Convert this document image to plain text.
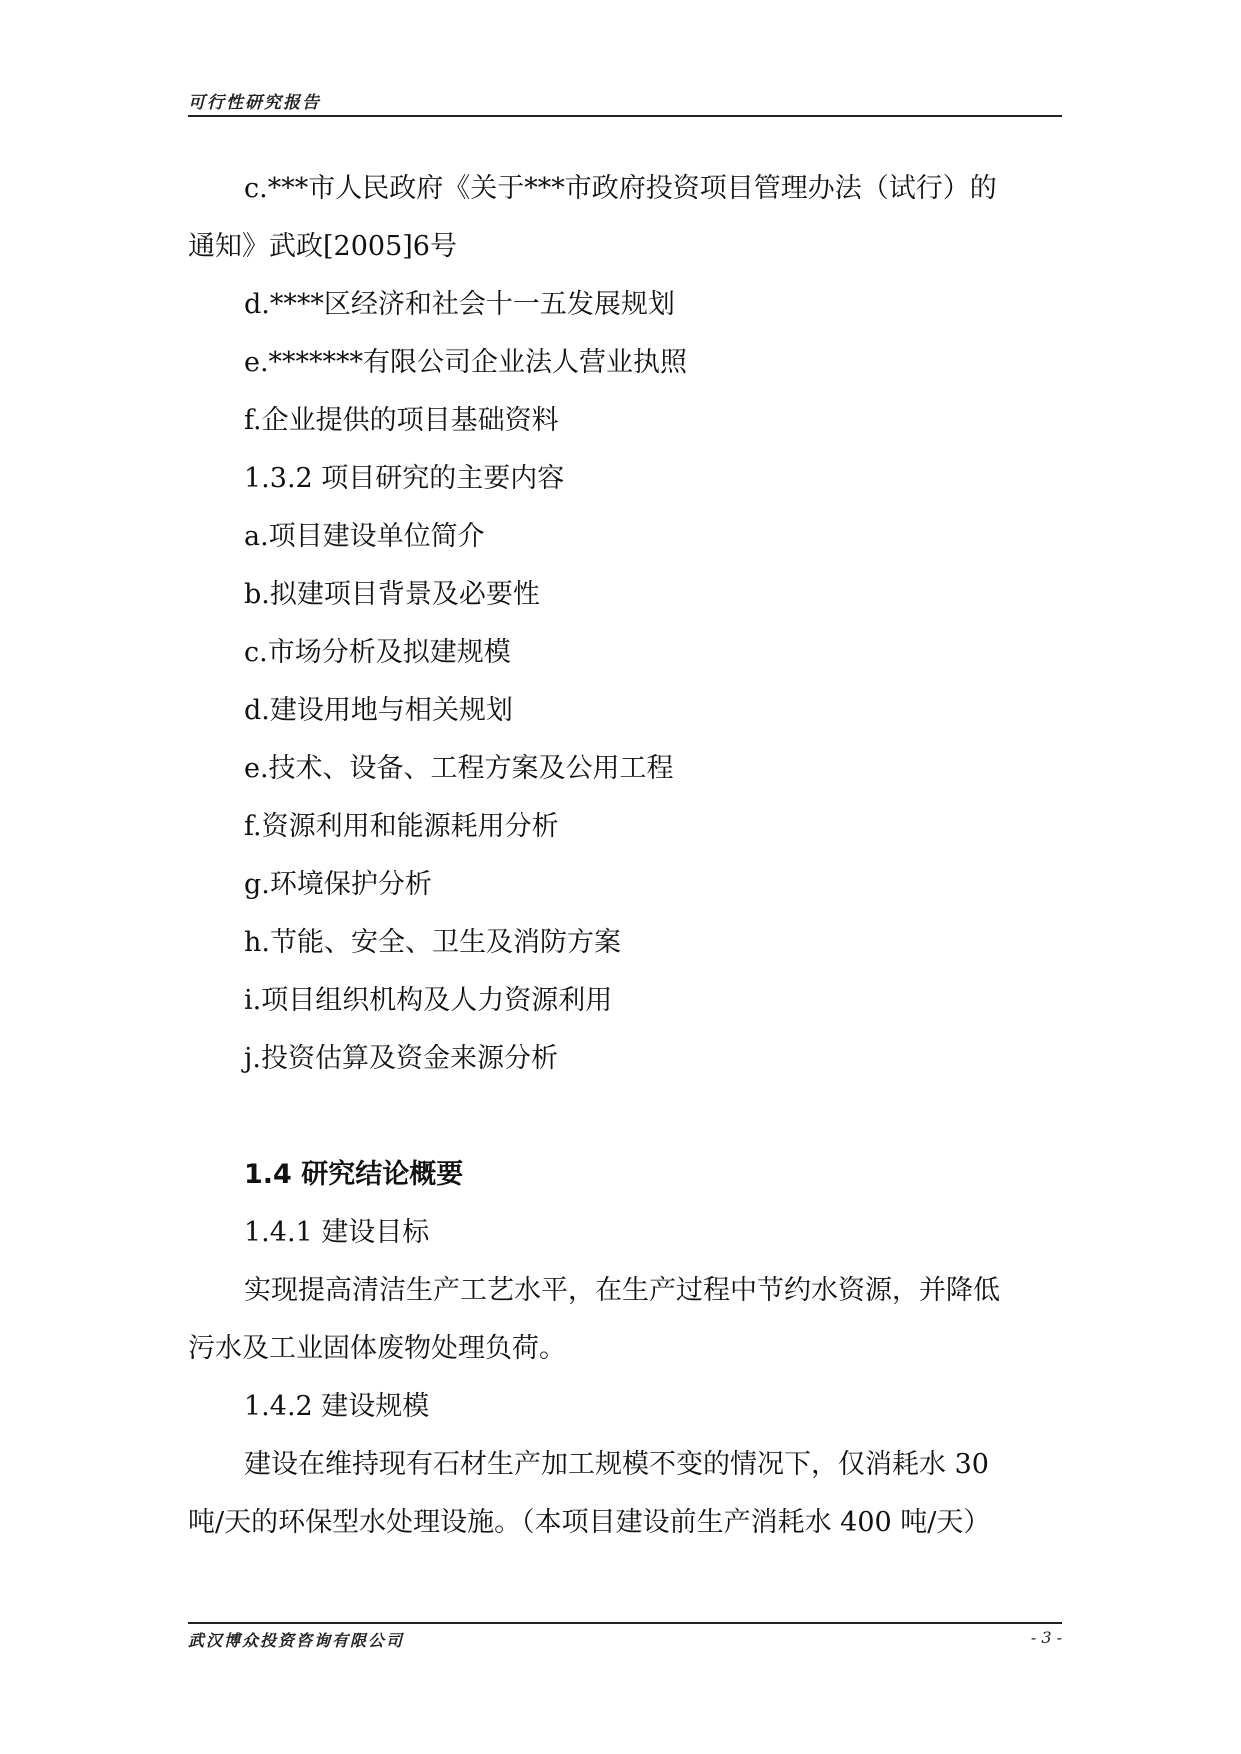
可行性研究报告
c.***市人民政府《关于***市政府投资项目管理办法（试行）的
通知》武政[2005]6号
d.****区经济和社会十一五发展规划
e.*******有限公司企业法人营业执照
f.企业提供的项目基础资料
1.3.2 项目研究的主要内容
a.项目建设单位简介
b.拟建项目背景及必要性
c.市场分析及拟建规模
d.建设用地与相关规划
e.技术、设备、工程方案及公用工程
f.资源利用和能源耗用分析
g.环境保护分析
h.节能、安全、卫生及消防方案
i.项目组织机构及人力资源利用
j.投资估算及资金来源分析
1.4 研究结论概要
1.4.1 建设目标
实现提高清洁生产工艺水平，在生产过程中节约水资源，并降低
污水及工业固体废物处理负荷。
1.4.2 建设规模
建设在维持现有石材生产加工规模不变的情况下，仅消耗水 30
吨/天的环保型水处理设施。（本项目建设前生产消耗水 400 吨/天）
武汉博众投资咨询有限公司	- 3 -
